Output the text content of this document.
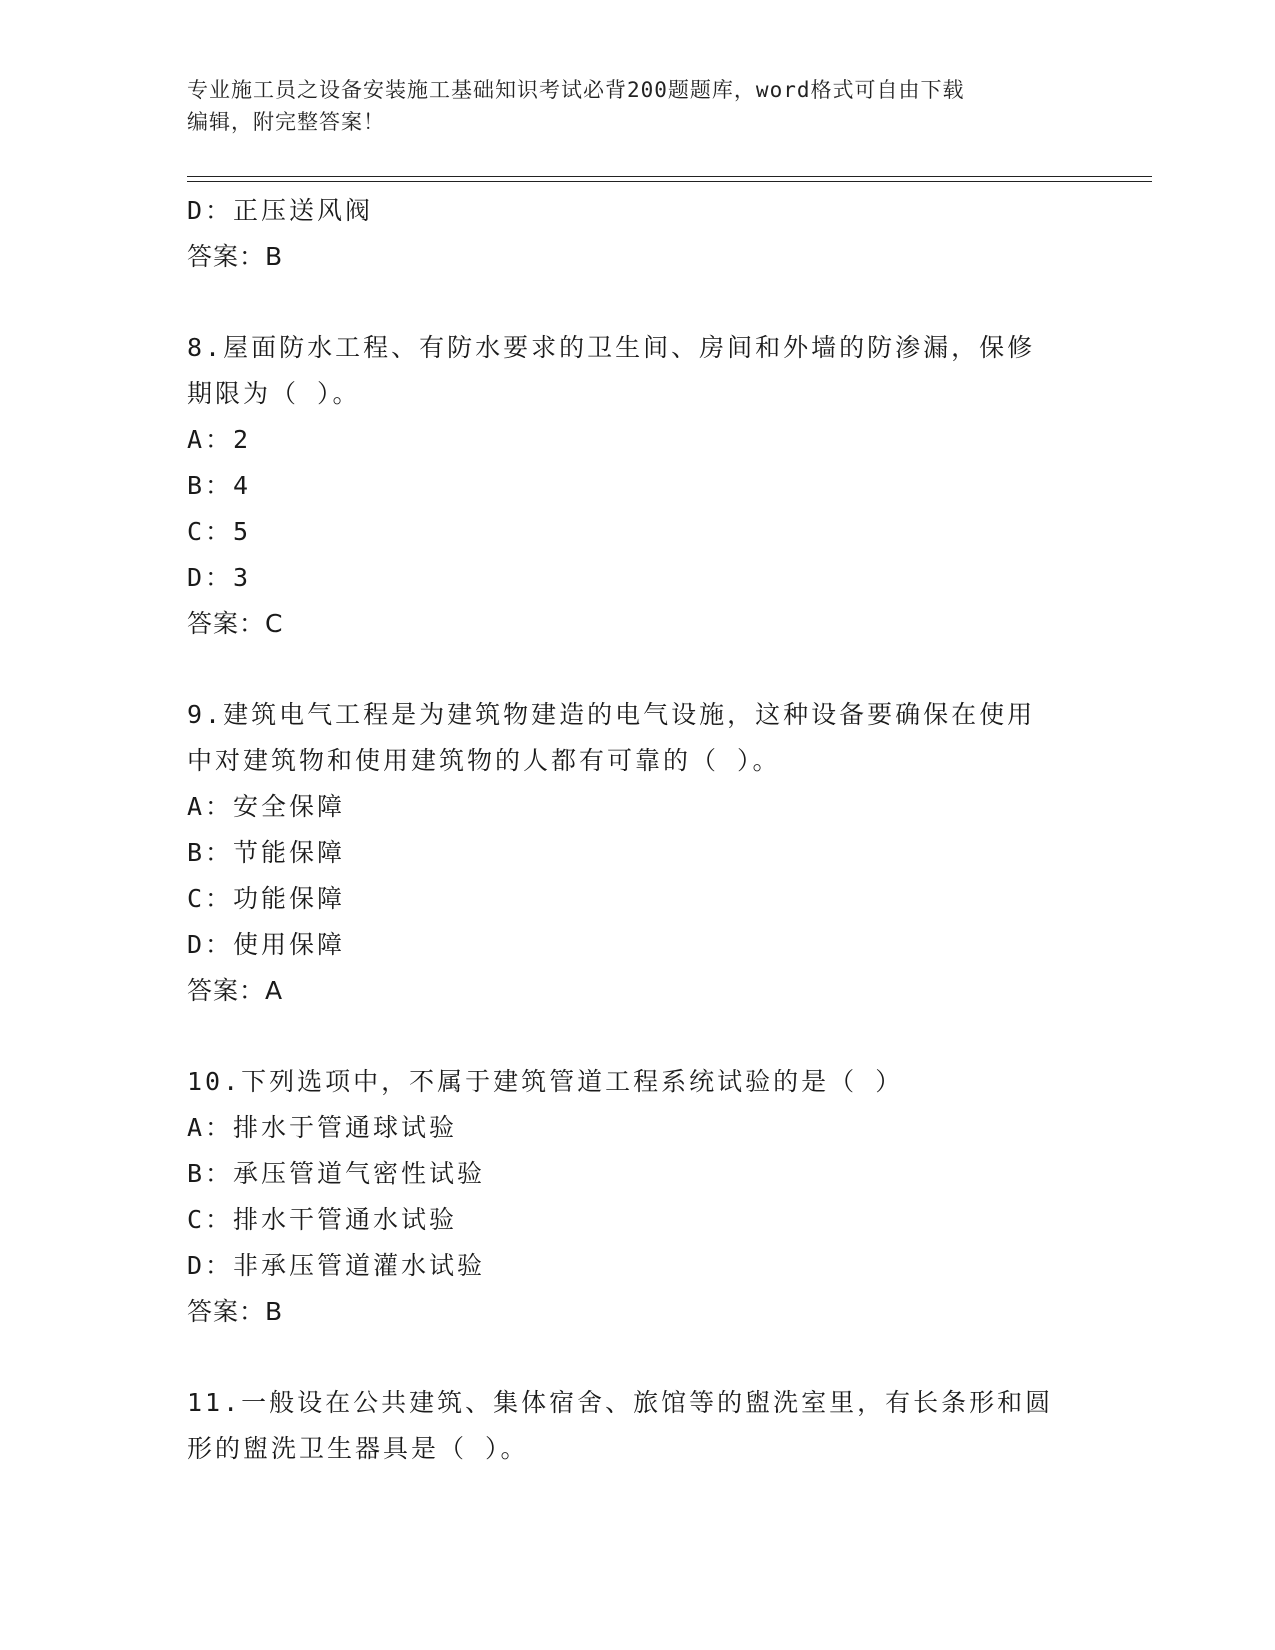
专业施工员之设备安装施工基础知识考试必背200题题库，word格式可自由下载
编辑，附完整答案！
D：正压送风阀
答案：B
8.屋面防水工程、有防水要求的卫生间、房间和外墙的防渗漏，保修
期限为（ ）。
A：2
B：4
C：5
D：3
答案：C
9.建筑电气工程是为建筑物建造的电气设施，这种设备要确保在使用
中对建筑物和使用建筑物的人都有可靠的（ ）。
A：安全保障
B：节能保障
C：功能保障
D：使用保障
答案：A
10.下列选项中，不属于建筑管道工程系统试验的是（ ）
A：排水于管通球试验
B：承压管道气密性试验
C：排水干管通水试验
D：非承压管道灌水试验
答案：B
11.一般设在公共建筑、集体宿舍、旅馆等的盥洗室里，有长条形和圆
形的盥洗卫生器具是（ ）。
